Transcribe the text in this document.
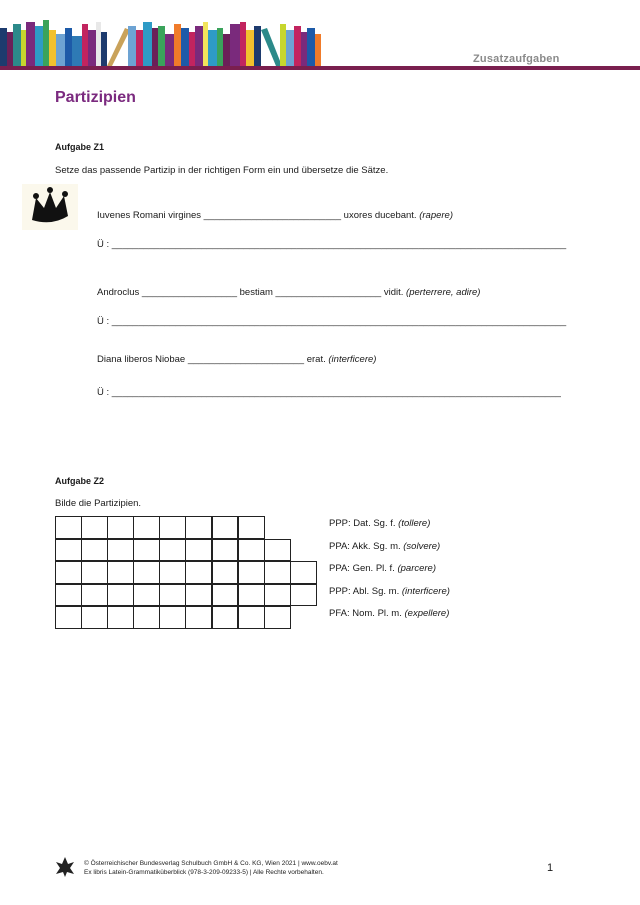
Zusatzaufgaben
Partizipien
Aufgabe Z1
Setze das passende Partizip in der richtigen Form ein und übersetze die Sätze.
Iuvenes Romani virgines __________________________ uxores ducebant. (rapere)
Ü : ______________________________________________________________________________________
Androclus __________________ bestiam ____________________ vidit. (perterrere, adire)
Ü : ______________________________________________________________________________________
Diana liberos Niobae ______________________ erat. (interficere)
Ü : _____________________________________________________________________________________
Aufgabe Z2
Bilde die Partizipien.
PPP: Dat. Sg. f. (tollere)
PPA: Akk. Sg. m. (solvere)
PPA: Gen. Pl. f. (parcere)
PPP: Abl. Sg. m. (interficere)
PFA: Nom. Pl. m. (expellere)
© Österreichischer Bundesverlag Schulbuch GmbH & Co. KG, Wien 2021 | www.oebv.at
Ex libris Latein-Grammatiküberblick (978-3-209-09233-5) | Alle Rechte vorbehalten.	1
